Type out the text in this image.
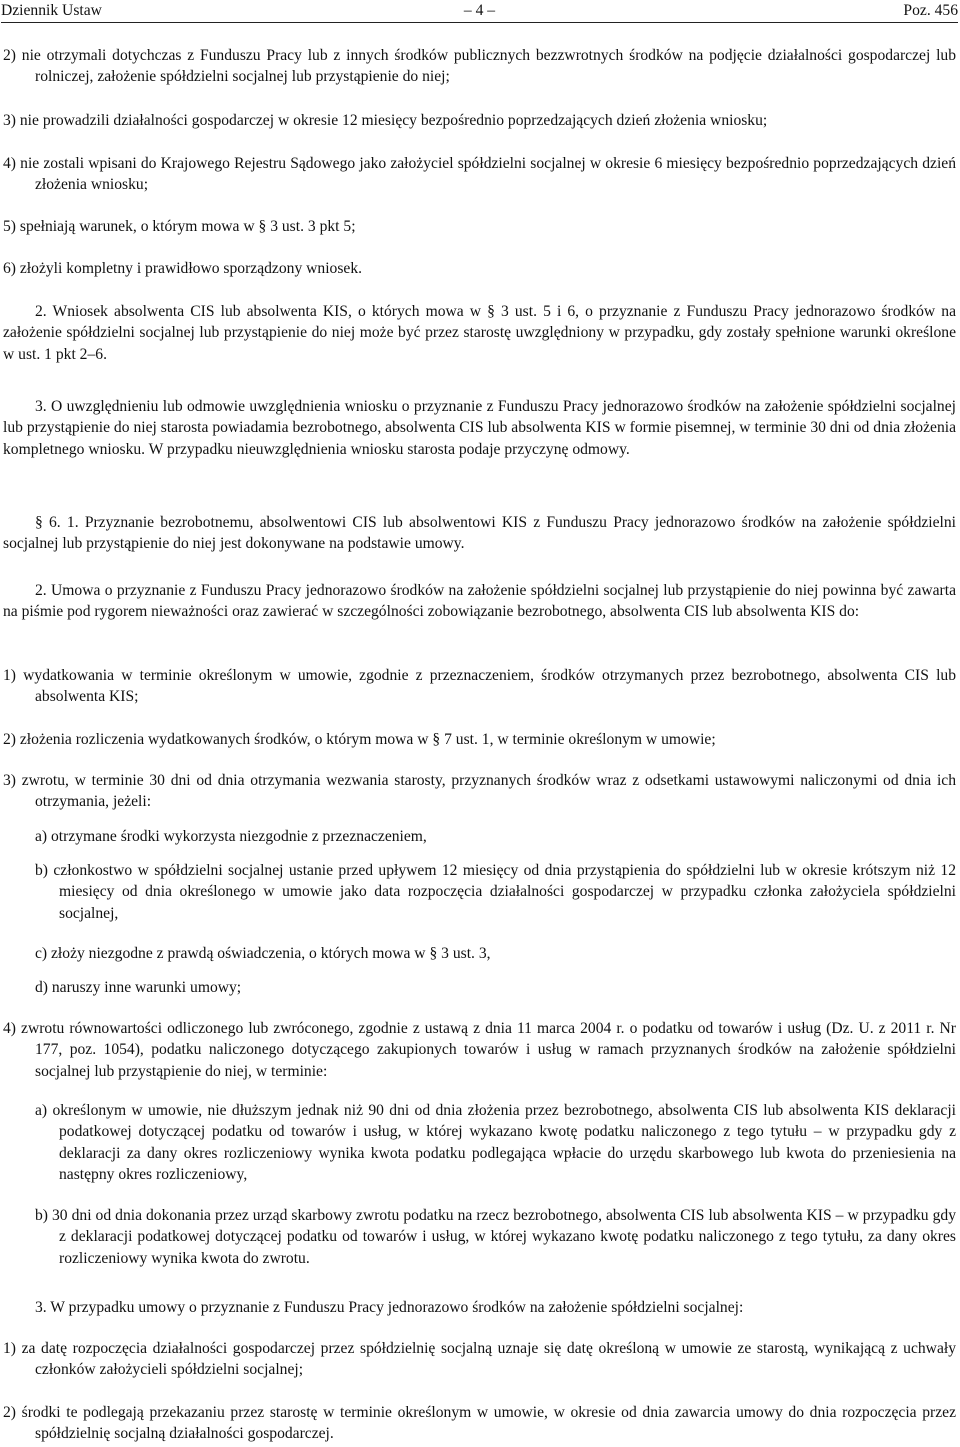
Dziennik Ustaw	– 4 –	Poz. 456
2) nie otrzymali dotychczas z Funduszu Pracy lub z innych środków publicznych bezzwrotnych środków na podjęcie działalności gospodarczej lub rolniczej, założenie spółdzielni socjalnej lub przystąpienie do niej;
3) nie prowadzili działalności gospodarczej w okresie 12 miesięcy bezpośrednio poprzedzających dzień złożenia wniosku;
4) nie zostali wpisani do Krajowego Rejestru Sądowego jako założyciel spółdzielni socjalnej w okresie 6 miesięcy bezpośrednio poprzedzających dzień złożenia wniosku;
5) spełniają warunek, o którym mowa w § 3 ust. 3 pkt 5;
6) złożyli kompletny i prawidłowo sporządzony wniosek.
2. Wniosek absolwenta CIS lub absolwenta KIS, o których mowa w § 3 ust. 5 i 6, o przyznanie z Funduszu Pracy jednorazowo środków na założenie spółdzielni socjalnej lub przystąpienie do niej może być przez starostę uwzględniony w przypadku, gdy zostały spełnione warunki określone w ust. 1 pkt 2–6.
3. O uwzględnieniu lub odmowie uwzględnienia wniosku o przyznanie z Funduszu Pracy jednorazowo środków na założenie spółdzielni socjalnej lub przystąpienie do niej starosta powiadamia bezrobotnego, absolwenta CIS lub absolwenta KIS w formie pisemnej, w terminie 30 dni od dnia złożenia kompletnego wniosku. W przypadku nieuwzględnienia wniosku starosta podaje przyczynę odmowy.
§ 6. 1. Przyznanie bezrobotnemu, absolwentowi CIS lub absolwentowi KIS z Funduszu Pracy jednorazowo środków na założenie spółdzielni socjalnej lub przystąpienie do niej jest dokonywane na podstawie umowy.
2. Umowa o przyznanie z Funduszu Pracy jednorazowo środków na założenie spółdzielni socjalnej lub przystąpienie do niej powinna być zawarta na piśmie pod rygorem nieważności oraz zawierać w szczególności zobowiązanie bezrobotnego, absolwenta CIS lub absolwenta KIS do:
1) wydatkowania w terminie określonym w umowie, zgodnie z przeznaczeniem, środków otrzymanych przez bezrobotnego, absolwenta CIS lub absolwenta KIS;
2) złożenia rozliczenia wydatkowanych środków, o którym mowa w § 7 ust. 1, w terminie określonym w umowie;
3) zwrotu, w terminie 30 dni od dnia otrzymania wezwania starosty, przyznanych środków wraz z odsetkami ustawowymi naliczonymi od dnia ich otrzymania, jeżeli:
a) otrzymane środki wykorzysta niezgodnie z przeznaczeniem,
b) członkostwo w spółdzielni socjalnej ustanie przed upływem 12 miesięcy od dnia przystąpienia do spółdzielni lub w okresie krótszym niż 12 miesięcy od dnia określonego w umowie jako data rozpoczęcia działalności gospodarczej w przypadku członka założyciela spółdzielni socjalnej,
c) złoży niezgodne z prawdą oświadczenia, o których mowa w § 3 ust. 3,
d) naruszy inne warunki umowy;
4) zwrotu równowartości odliczonego lub zwróconego, zgodnie z ustawą z dnia 11 marca 2004 r. o podatku od towarów i usług (Dz. U. z 2011 r. Nr 177, poz. 1054), podatku naliczonego dotyczącego zakupionych towarów i usług w ramach przyznanych środków na założenie spółdzielni socjalnej lub przystąpienie do niej, w terminie:
a) określonym w umowie, nie dłuższym jednak niż 90 dni od dnia złożenia przez bezrobotnego, absolwenta CIS lub absolwenta KIS deklaracji podatkowej dotyczącej podatku od towarów i usług, w której wykazano kwotę podatku naliczonego z tego tytułu – w przypadku gdy z deklaracji za dany okres rozliczeniowy wynika kwota podatku podlegająca wpłacie do urzędu skarbowego lub kwota do przeniesienia na następny okres rozliczeniowy,
b) 30 dni od dnia dokonania przez urząd skarbowy zwrotu podatku na rzecz bezrobotnego, absolwenta CIS lub absolwenta KIS – w przypadku gdy z deklaracji podatkowej dotyczącej podatku od towarów i usług, w której wykazano kwotę podatku naliczonego z tego tytułu, za dany okres rozliczeniowy wynika kwota do zwrotu.
3. W przypadku umowy o przyznanie z Funduszu Pracy jednorazowo środków na założenie spółdzielni socjalnej:
1) za datę rozpoczęcia działalności gospodarczej przez spółdzielnię socjalną uznaje się datę określoną w umowie ze starostą, wynikającą z uchwały członków założycieli spółdzielni socjalnej;
2) środki te podlegają przekazaniu przez starostę w terminie określonym w umowie, w okresie od dnia zawarcia umowy do dnia rozpoczęcia przez spółdzielnię socjalną działalności gospodarczej.
